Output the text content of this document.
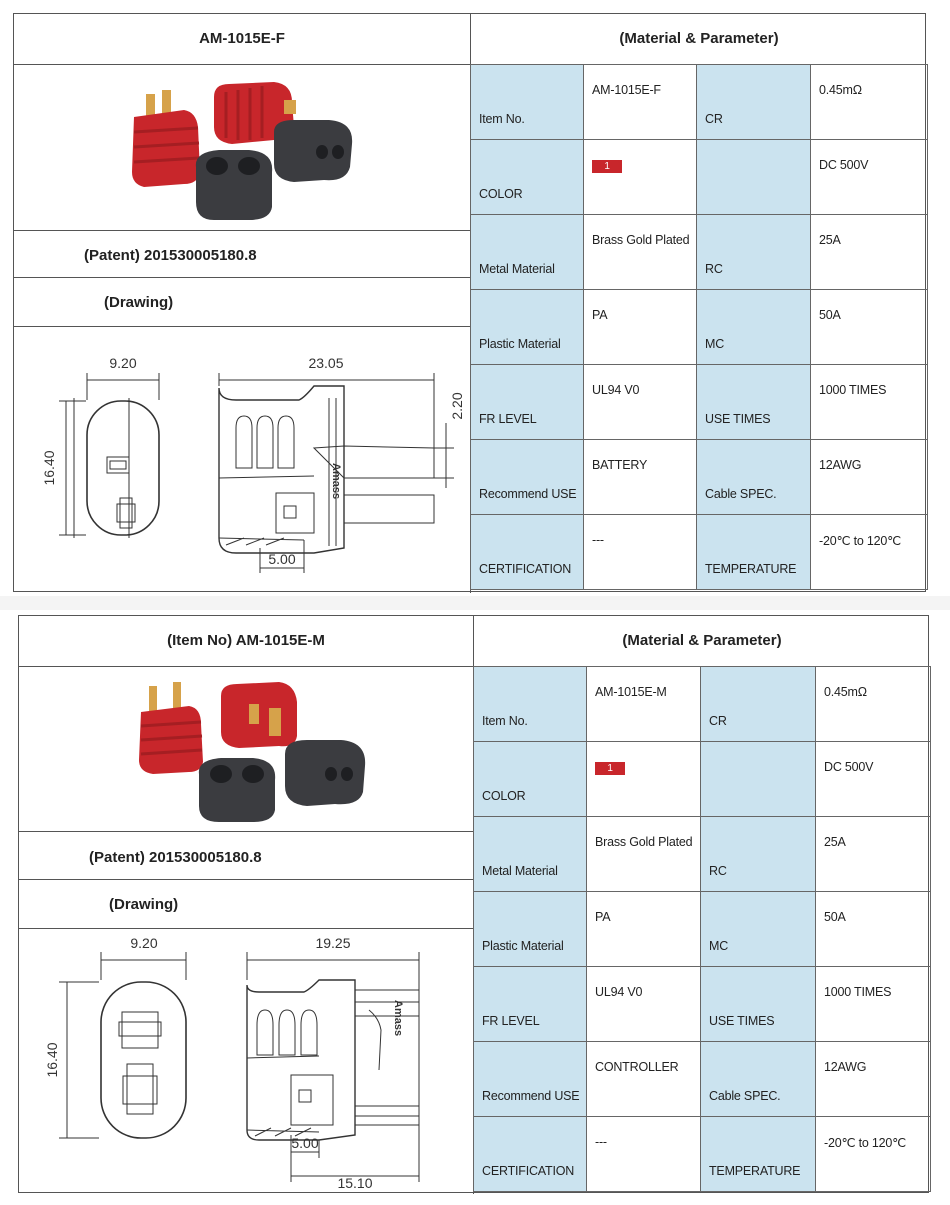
AM-1015E-F	(Material & Parameter)
(Patent) 201530005180.8
(Drawing)
Amass
9.20	23.05
16.40
2.20
5.00
Item No.	AM-1015E-F	CR	0.45mΩ

COLOR	1		DC 500V

Metal Material	Brass Gold Plated	RC	25A

Plastic Material	PA	MC	50A

FR LEVEL	UL94 V0	USE TIMES	1000 TIMES

Recommend USE	BATTERY	Cable SPEC.	12AWG

CERTIFICATION	---	TEMPERATURE	-20℃ to 120℃
(Item No) AM-1015E-M	(Material & Parameter)
(Patent) 201530005180.8
(Drawing)
Amass
9.20	19.25
16.40
5.00
15.10
Item No.	AM-1015E-M	CR	0.45mΩ

COLOR	1		DC 500V

Metal Material	Brass Gold Plated	RC	25A

Plastic Material	PA	MC	50A

FR LEVEL	UL94 V0	USE TIMES	1000 TIMES

Recommend USE	CONTROLLER	Cable SPEC.	12AWG

CERTIFICATION	---	TEMPERATURE	-20℃ to 120℃
